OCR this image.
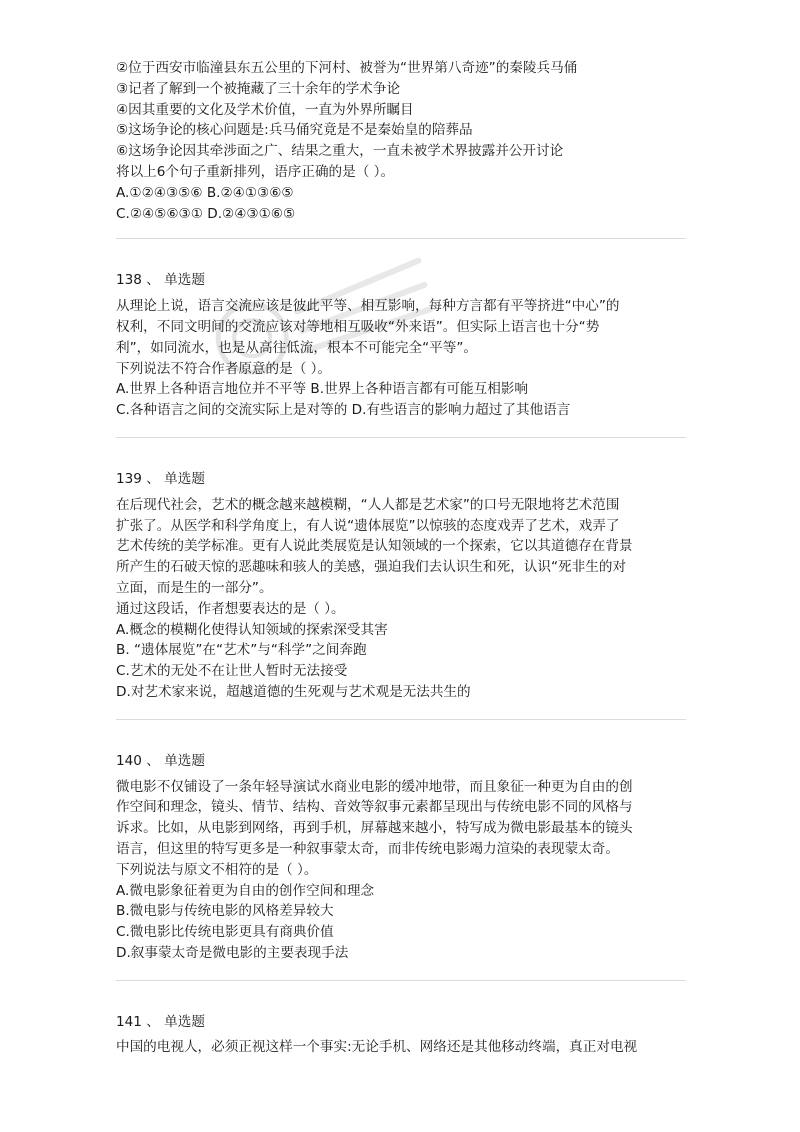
②位于西安市临潼县东五公里的下河村、被誉为“世界第八奇迹”的秦陵兵马俑
③记者了解到一个被掩藏了三十余年的学术争论
④因其重要的文化及学术价值，一直为外界所瞩目
⑤这场争论的核心问题是:兵马俑究竟是不是秦始皇的陪葬品
⑥这场争论因其牵涉面之广、结果之重大，一直未被学术界披露并公开讨论
将以上6个句子重新排列，语序正确的是（ ）。
A.①②④③⑤⑥ B.②④①③⑥⑤
C.②④⑤⑥③① D.②④③①⑥⑤
138 、 单选题
从理论上说，语言交流应该是彼此平等、相互影响，每种方言都有平等挤进“中心”的
权利，不同文明间的交流应该对等地相互吸收“外来语”。但实际上语言也十分“势
利”，如同流水，也是从高往低流，根本不可能完全“平等”。
下列说法不符合作者原意的是（ ）。
A.世界上各种语言地位并不平等 B.世界上各种语言都有可能互相影响
C.各种语言之间的交流实际上是对等的 D.有些语言的影响力超过了其他语言
139 、 单选题
在后现代社会，艺术的概念越来越模糊，“人人都是艺术家”的口号无限地将艺术范围
扩张了。从医学和科学角度上，有人说“遗体展览”以惊骇的态度戏弄了艺术，戏弄了
艺术传统的美学标准。更有人说此类展览是认知领域的一个探索，它以其道德存在背景
所产生的石破天惊的恶趣味和骇人的美感，强迫我们去认识生和死，认识“死非生的对
立面，而是生的一部分”。
通过这段话，作者想要表达的是（ ）。
A.概念的模糊化使得认知领域的探索深受其害
B. “遗体展览”在“艺术”与“科学”之间奔跑
C.艺术的无处不在让世人暂时无法接受
D.对艺术家来说，超越道德的生死观与艺术观是无法共生的
140 、 单选题
微电影不仅铺设了一条年轻导演试水商业电影的缓冲地带，而且象征一种更为自由的创
作空间和理念，镜头、情节、结构、音效等叙事元素都呈现出与传统电影不同的风格与
诉求。比如，从电影到网络，再到手机，屏幕越来越小，特写成为微电影最基本的镜头
语言，但这里的特写更多是一种叙事蒙太奇，而非传统电影竭力渲染的表现蒙太奇。
下列说法与原文不相符的是（ ）。
A.微电影象征着更为自由的创作空间和理念
B.微电影与传统电影的风格差异较大
C.微电影比传统电影更具有商典价值
D.叙事蒙太奇是微电影的主要表现手法
141 、 单选题
中国的电视人，必须正视这样一个事实:无论手机、网络还是其他移动终端，真正对电视
